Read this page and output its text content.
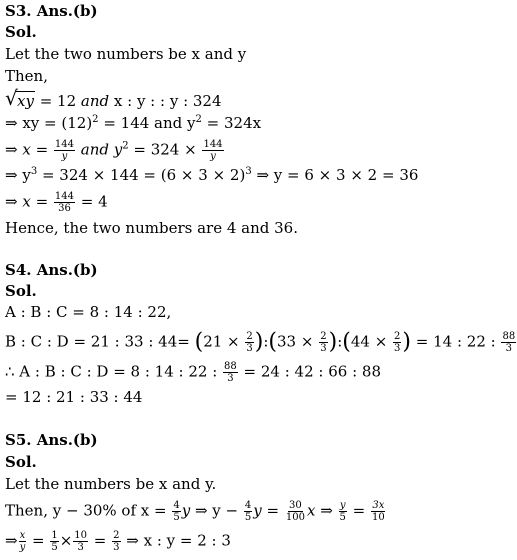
S3. Ans.(b)
Sol.
Let the two numbers be x and y
Then,
√ xy = 12 and x : y : : y : 324
⇒ xy = $(12)^2 = 144$ and $y^2 = 324x$
⇒ $x = \frac{144}{y}$ and $y^2 = 324 \times \frac{144}{y}$
⇒ $y^3 = 324 \times 144 = (6 \times 3 \times 2)^3$ ⇒ y = 6 × 3 × 2 = 36
⇒ $x = \frac{144}{36} = 4$
Hence, the two numbers are 4 and 36.
S4. Ans.(b)
Sol.
A : B : C = 8 : 14 : 22,
B : C : D = 21 : 33 : $44= (21 \times \frac{2}{3}$ ):(33 × $\frac{2}{3}$ ):(44 × $\frac{2}{3}$ ) = 14 : 22 : $\frac{88}{3}$
∴ A : B : C : D = 8 : 14 : 22 : $\frac{88}{3} = 24$ : 42 : 66 : 88
= 12 : 21 : 33 : 44
S5. Ans.(b)
Sol.
Let the numbers be x and y.
Then, y − 30% of $x = \frac{4}{5}$ y ⇒ $y - \frac{4}{5}$ $y = \frac{30}{100}$ x ⇒ $\frac{y}{5} = \frac{3x}{10}$
⇒ $\frac{x}{y} = \frac{1}{5} \times \frac{10}{3} = \frac{2}{3}$ ⇒ x : y = 2 : 3
